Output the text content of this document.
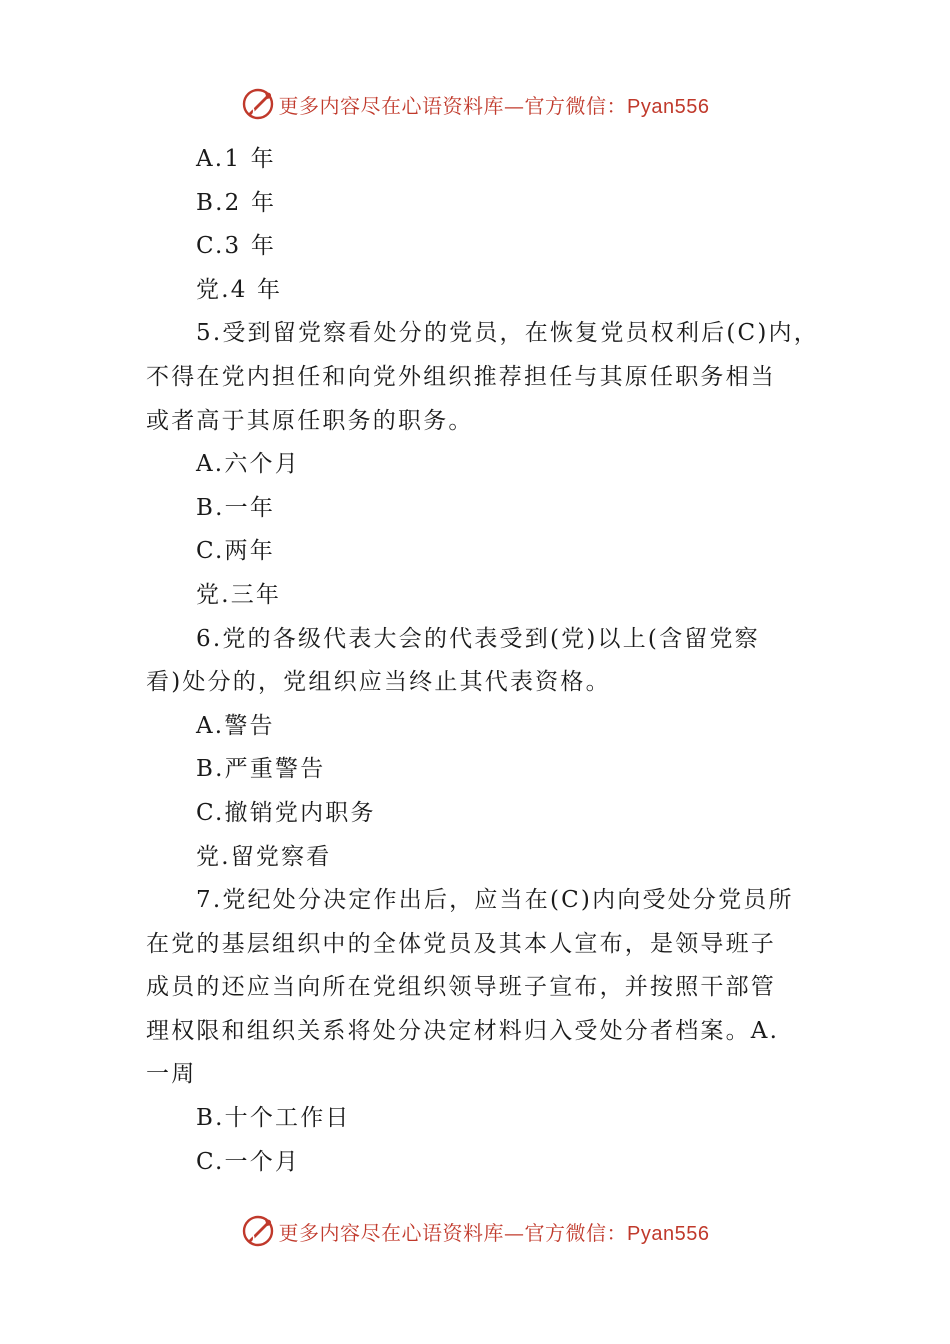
更多内容尽在心语资料库—官方微信：Pyan556
A.1 年
B.2 年
C.3 年
党.4 年
5.受到留党察看处分的党员，在恢复党员权利后(C)内，
不得在党内担任和向党外组织推荐担任与其原任职务相当
或者高于其原任职务的职务。
A.六个月
B.一年
C.两年
党.三年
6.党的各级代表大会的代表受到(党)以上(含留党察
看)处分的，党组织应当终止其代表资格。
A.警告
B.严重警告
C.撤销党内职务
党.留党察看
7.党纪处分决定作出后，应当在(C)内向受处分党员所
在党的基层组织中的全体党员及其本人宣布，是领导班子
成员的还应当向所在党组织领导班子宣布，并按照干部管
理权限和组织关系将处分决定材料归入受处分者档案。A.
一周
B.十个工作日
C.一个月
更多内容尽在心语资料库—官方微信：Pyan556
